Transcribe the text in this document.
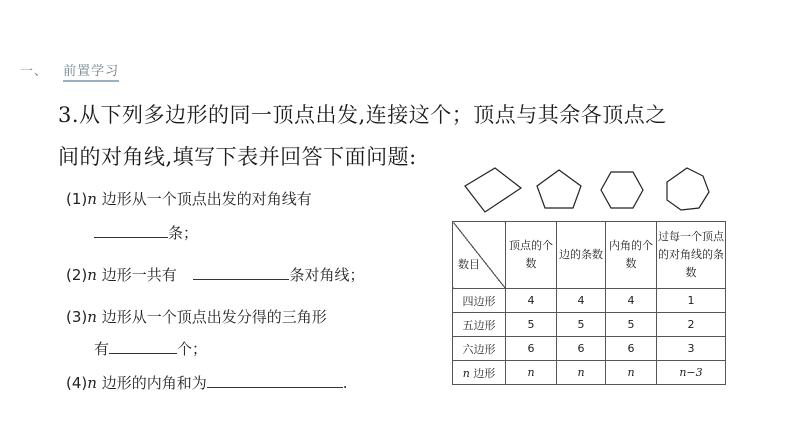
一、 前置学习
3.从下列多边形的同一顶点出发,连接这个；顶点与其余各顶点之
间的对角线,填写下表并回答下面问题:
(1)n 边形从一个顶点出发的对角线有
条；
(2)n 边形一共有	条对角线；
(3)n 边形从一个顶点出发分得的三角形
有	个；
(4)n 边形的内角和为	.
数目	顶点的个数	边的条数	内角的个数	过每一个顶点的对角线的条数
四边形	4	4	4	1
五边形	5	5	5	2
六边形	6	6	6	3
n 边形	n	n	n	n−3
